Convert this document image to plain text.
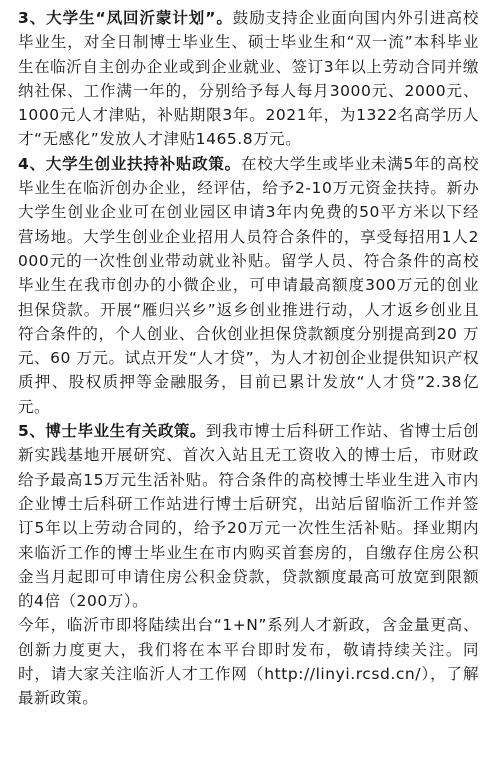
3、大学生“凤回沂蒙计划”。鼓励支持企业面向国内外引进高校毕业生，对全日制博士毕业生、硕士毕业生和“双一流”本科毕业生在临沂自主创办企业或到企业就业、签订3年以上劳动合同并缴纳社保、工作满一年的，分别给予每人每月3000元、2000元、1000元人才津贴，补贴期限3年。2021年，为1322名高学历人才“无感化”发放人才津贴1465.8万元。

4、大学生创业扶持补贴政策。在校大学生或毕业未满5年的高校毕业生在临沂创办企业，经评估，给予2-10万元资金扶持。新办大学生创业企业可在创业园区申请3年内免费的50平方米以下经营场地。大学生创业企业招用人员符合条件的，享受每招用1人2000元的一次性创业带动就业补贴。留学人员、符合条件的高校毕业生在我市创办的小微企业，可申请最高额度300万元的创业担保贷款。开展“雁归兴乡”返乡创业推进行动，人才返乡创业且符合条件的，个人创业、合伙创业担保贷款额度分别提高到20 万元、60 万元。试点开发“人才贷”，为人才初创企业提供知识产权质押、股权质押等金融服务，目前已累计发放“人才贷”2.38亿元。

5、博士毕业生有关政策。到我市博士后科研工作站、省博士后创新实践基地开展研究、首次入站且无工资收入的博士后，市财政给予最高15万元生活补贴。符合条件的高校博士毕业生进入市内企业博士后科研工作站进行博士后研究，出站后留临沂工作并签订5年以上劳动合同的，给予20万元一次性生活补贴。择业期内来临沂工作的博士毕业生在市内购买首套房的，自缴存住房公积金当月起即可申请住房公积金贷款，贷款额度最高可放宽到限额的4倍（200万）。

今年，临沂市即将陆续出台“1+N”系列人才新政，含金量更高、创新力度更大，我们将在本平台即时发布，敬请持续关注。同时，请大家关注临沂人才工作网（http://linyi.rcsd.cn/），了解最新政策。
